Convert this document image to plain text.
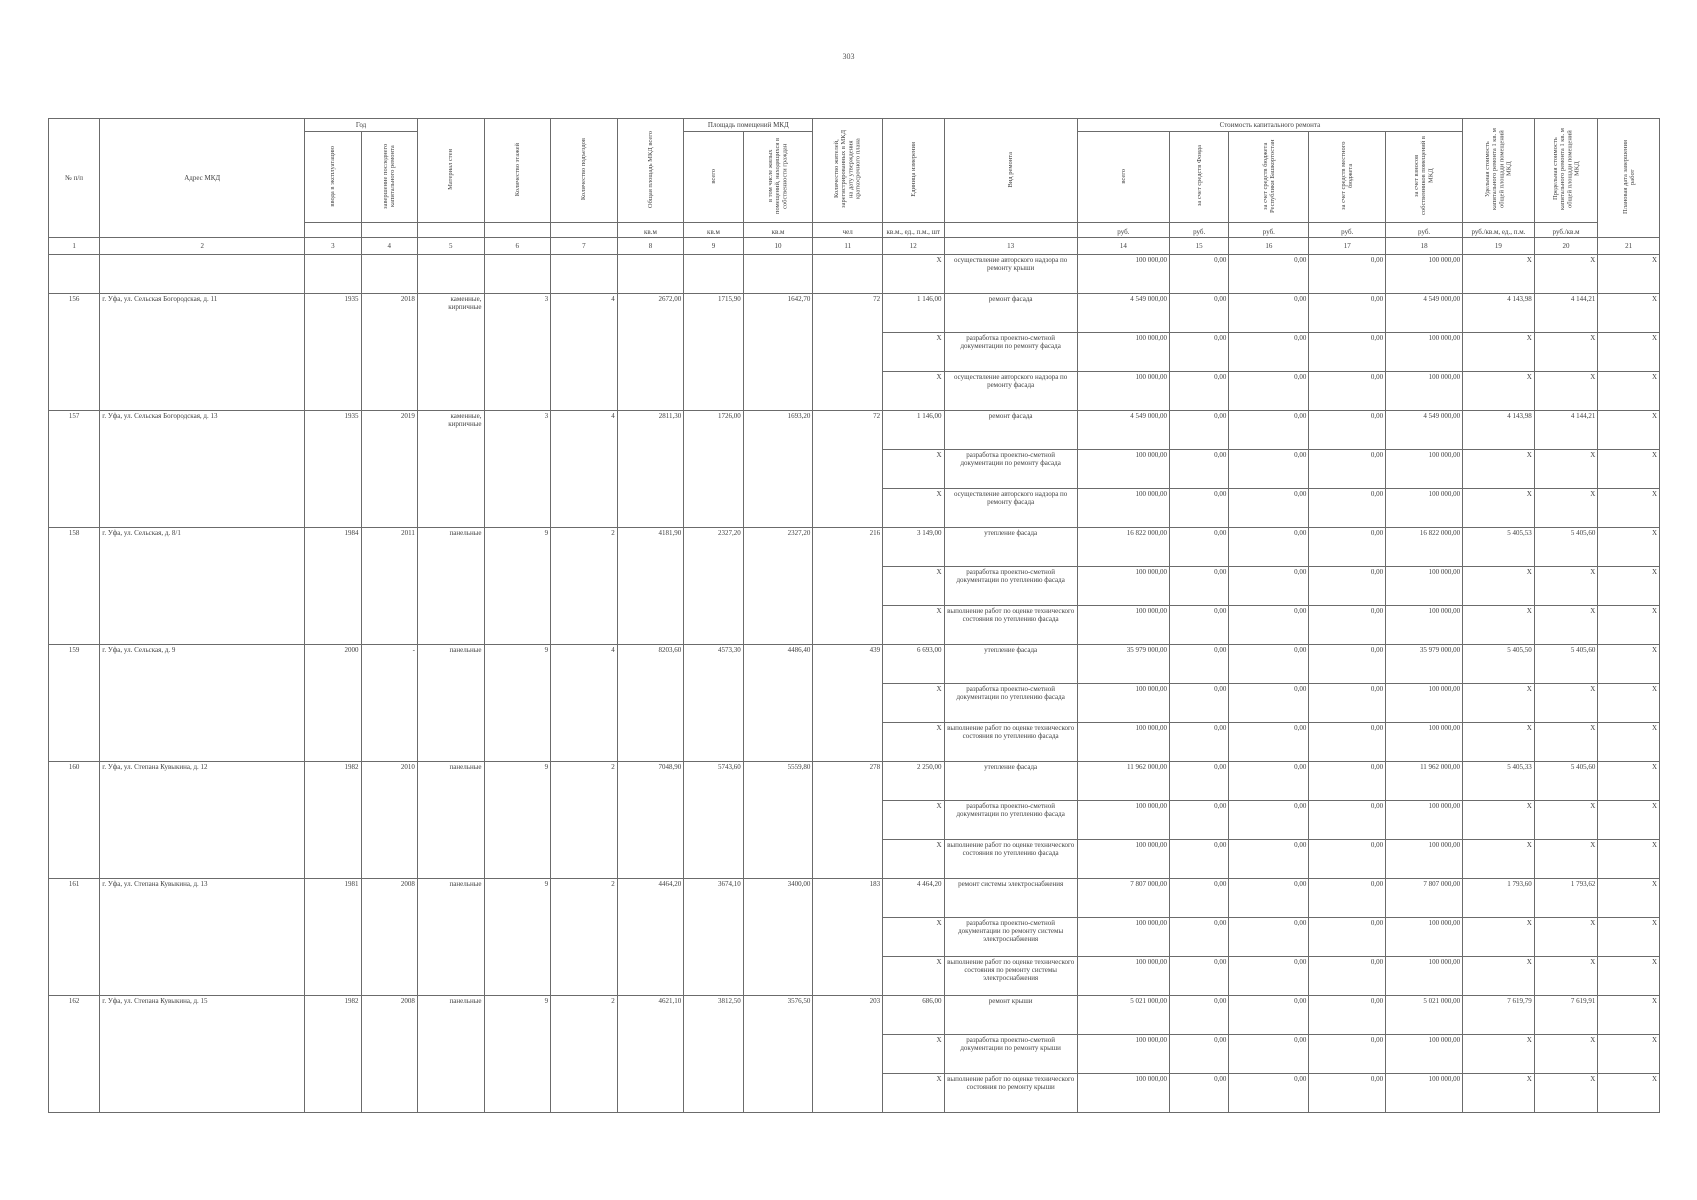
303
№ п/п	Адрес МКД	Год		Материал стен	Количество этажей	Количество подъездов	Общая площадь МКД всего	Площадь помещений МКД		Количество жителей, зарегистрированных в МКД на дату утверждения краткосрочного плана	Единица измерения	Вид ремонта	Стоимость капитального ремонта					Удельная стоимость капитального ремонта 1 кв. м общей площади помещений МКД	Предельная стоимость капитального ремонта 1 кв. м общей площади помещений МКД	Плановая дата завершения работ
		ввода в эксплуатацию	завершение последнего капитального ремонта					всего	в том числе жилых помещений, находящихся в собственности граждан				всего	за счет средств Фонда	за счет средств бюджета Республики Башкортостан	за счет средств местного бюджета	за счет взносов собственников помещений в МКД			
							кв.м	кв.м	кв.м	чел	кв.м., ед., п.м., шт		руб.	руб.	руб.	руб.	руб.	руб./кв.м, ед., п.м.	руб./кв.м	
1	2	3	4	5	6	7	8	9	10	11	12	13	14	15	16	17	18	19	20	21
											X	осуществление авторского надзора по ремонту крыши	100 000,00	0,00	0,00	0,00	100 000,00	X	X	X
156	г. Уфа, ул. Сельская Богородская, д. 11	1935	2018	каменные, кирпичные	3	4	2672,00	1715,90	1642,70	72	1 146,00	ремонт фасада	4 549 000,00	0,00	0,00	0,00	4 549 000,00	4 143,98	4 144,21	X
											X	разработка проектно-сметной документации по ремонту фасада	100 000,00	0,00	0,00	0,00	100 000,00	X	X	X
											X	осуществление авторского надзора по ремонту фасада	100 000,00	0,00	0,00	0,00	100 000,00	X	X	X
157	г. Уфа, ул. Сельская Богородская, д. 13	1935	2019	каменные, кирпичные	3	4	2811,30	1726,00	1693,20	72	1 146,00	ремонт фасада	4 549 000,00	0,00	0,00	0,00	4 549 000,00	4 143,98	4 144,21	X
											X	разработка проектно-сметной документации по ремонту фасада	100 000,00	0,00	0,00	0,00	100 000,00	X	X	X
											X	осуществление авторского надзора по ремонту фасада	100 000,00	0,00	0,00	0,00	100 000,00	X	X	X
158	г. Уфа, ул. Сельская, д. 8/1	1984	2011	панельные	9	2	4181,90	2327,20	2327,20	216	3 149,00	утепление фасада	16 822 000,00	0,00	0,00	0,00	16 822 000,00	5 405,53	5 405,60	X
											X	разработка проектно-сметной документации по утеплению фасада	100 000,00	0,00	0,00	0,00	100 000,00	X	X	X
											X	выполнение работ по оценке технического состояния по утеплению фасада	100 000,00	0,00	0,00	0,00	100 000,00	X	X	X
159	г. Уфа, ул. Сельская, д. 9	2000	-	панельные	9	4	8203,60	4573,30	4486,40	439	6 693,00	утепление фасада	35 979 000,00	0,00	0,00	0,00	35 979 000,00	5 405,50	5 405,60	X
											X	разработка проектно-сметной документации по утеплению фасада	100 000,00	0,00	0,00	0,00	100 000,00	X	X	X
											X	выполнение работ по оценке технического состояния по утеплению фасада	100 000,00	0,00	0,00	0,00	100 000,00	X	X	X
160	г. Уфа, ул. Степана Кувыкина, д. 12	1982	2010	панельные	9	2	7048,90	5743,60	5559,80	278	2 250,00	утепление фасада	11 962 000,00	0,00	0,00	0,00	11 962 000,00	5 405,33	5 405,60	X
											X	разработка проектно-сметной документации по утеплению фасада	100 000,00	0,00	0,00	0,00	100 000,00	X	X	X
											X	выполнение работ по оценке технического состояния по утеплению фасада	100 000,00	0,00	0,00	0,00	100 000,00	X	X	X
161	г. Уфа, ул. Степана Кувыкина, д. 13	1981	2008	панельные	9	2	4464,20	3674,10	3400,00	183	4 464,20	ремонт системы электроснабжения	7 807 000,00	0,00	0,00	0,00	7 807 000,00	1 793,60	1 793,62	X
											X	разработка проектно-сметной документации по ремонту системы электроснабжения	100 000,00	0,00	0,00	0,00	100 000,00	X	X	X
											X	выполнение работ по оценке технического состояния по ремонту системы электроснабжения	100 000,00	0,00	0,00	0,00	100 000,00	X	X	X
162	г. Уфа, ул. Степана Кувыкина, д. 15	1982	2008	панельные	9	2	4621,10	3812,50	3576,50	203	686,00	ремонт крыши	5 021 000,00	0,00	0,00	0,00	5 021 000,00	7 619,79	7 619,91	X
											X	разработка проектно-сметной документации по ремонту крыши	100 000,00	0,00	0,00	0,00	100 000,00	X	X	X
											X	выполнение работ по оценке технического состояния по ремонту крыши	100 000,00	0,00	0,00	0,00	100 000,00	X	X	X
